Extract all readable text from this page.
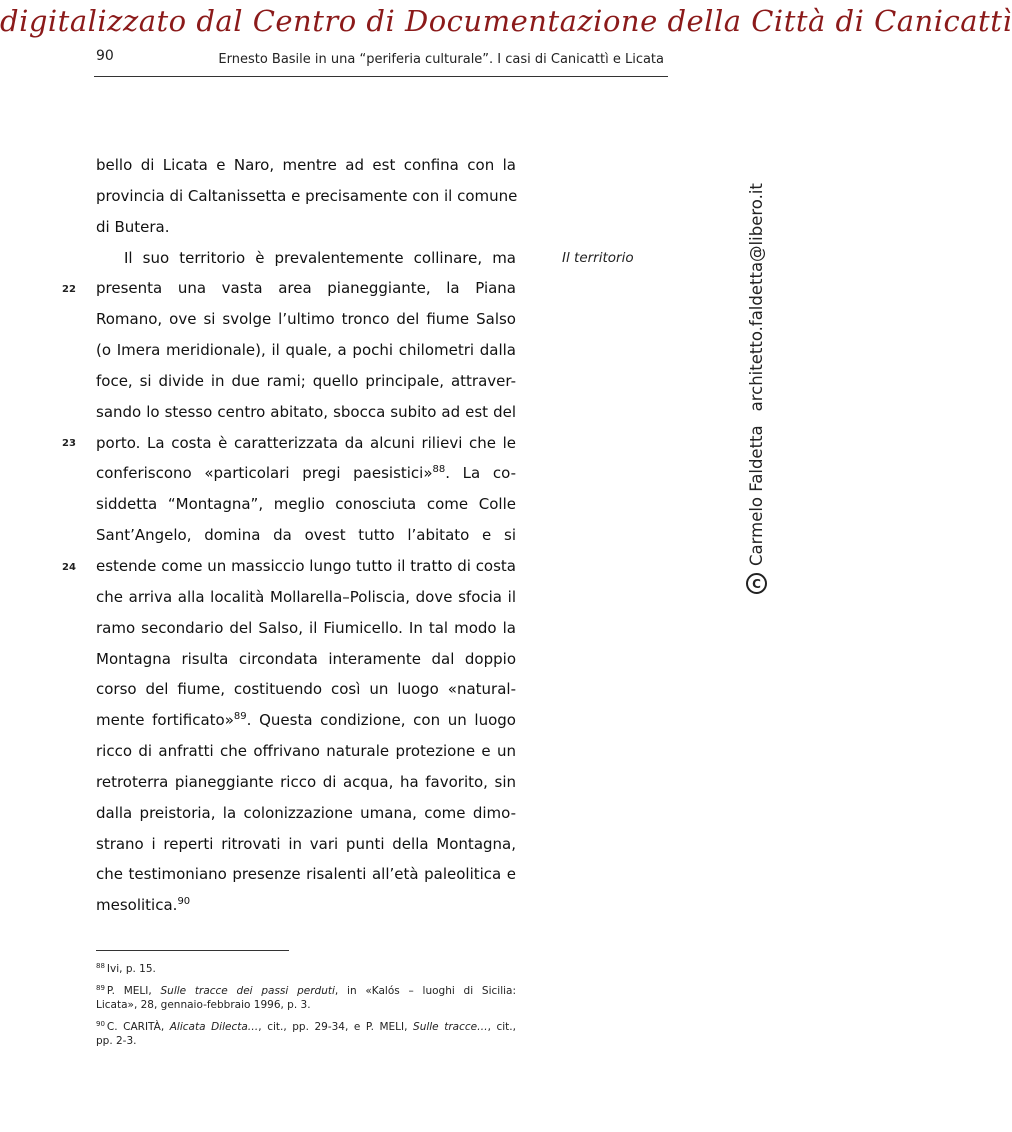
digitalizzato dal Centro di Documentazione della Città di Canicattì
90	Ernesto Basile in una “periferia culturale”. I casi di Canicattì e Licata
bello di Licata e Naro, mentre ad est confina con la
provincia di Caltanissetta e precisamente con il comune
di Butera.
Il suo territorio è prevalentemente collinare, ma
presenta una vasta area pianeggiante, la Piana
Romano, ove si svolge l’ultimo tronco del fiume Salso
(o Imera meridionale), il quale, a pochi chilometri dalla
foce, si divide in due rami; quello principale, attraver-
sando lo stesso centro abitato, sbocca subito ad est del
porto. La costa è caratterizzata da alcuni rilievi che le
conferiscono «particolari pregi paesistici»$^{88}$. La co-
siddetta “Montagna”, meglio conosciuta come Colle
Sant’Angelo, domina da ovest tutto l’abitato e si
estende come un massiccio lungo tutto il tratto di costa
che arriva alla località Mollarella–Poliscia, dove sfocia il
ramo secondario del Salso, il Fiumicello. In tal modo la
Montagna risulta circondata interamente dal doppio
corso del fiume, costituendo così un luogo «natural-
mente fortificato»$^{89}$. Questa condizione, con un luogo
ricco di anfratti che offrivano naturale protezione e un
retroterra pianeggiante ricco di acqua, ha favorito, sin
dalla preistoria, la colonizzazione umana, come dimo-
strano i reperti ritrovati in vari punti della Montagna,
che testimoniano presenze risalenti all’età paleolitica e
mesolitica.$^{90}$
22
23
24
Il territorio
C
Carmelo Faldetta
architetto.faldetta@libero.it
$^{88}$ Ivi, p. 15.
$^{89}$ P. MELI, Sulle tracce dei passi perduti, in «Kalós – luoghi di Sicilia:
Licata», 28, gennaio-febbraio 1996, p. 3.
$^{90}$ C. CARITÀ, Alicata Dilecta…, cit., pp. 29-34, e P. MELI, Sulle tracce…, cit.,
pp. 2-3.
